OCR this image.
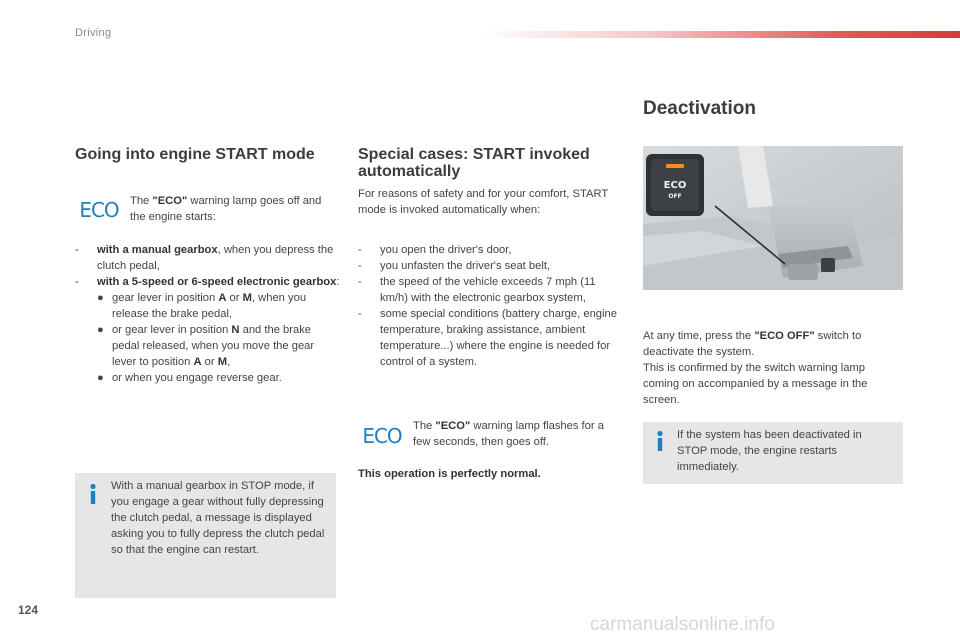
Driving
Going into engine START mode
ECO The "ECO" warning lamp goes off and the engine starts:

-	with a manual gearbox, when you depress the clutch pedal,
-	with a 5-speed or 6-speed electronic gearbox:
● gear lever in position A or M, when you release the brake pedal,
● or gear lever in position N and the brake pedal released, when you move the gear lever to position A or M,
● or when you engage reverse gear.

With a manual gearbox in STOP mode, if you engage a gear without fully depressing the clutch pedal, a message is displayed asking you to fully depress the clutch pedal so that the engine can restart.

Special cases: START invoked automatically

For reasons of safety and for your comfort, START mode is invoked automatically when:

-	you open the driver's door,
-	you unfasten the driver's seat belt,
-	the speed of the vehicle exceeds 7 mph (11 km/h) with the electronic gearbox system,
-	some special conditions (battery charge, engine temperature, braking assistance, ambient temperature...) where the engine is needed for control of a system.
ECO The "ECO" warning lamp flashes for a few seconds, then goes off.

This operation is perfectly normal.

Deactivation
ECO
OFF

At any time, press the "ECO OFF" switch to deactivate the system.

This is confirmed by the switch warning lamp coming on accompanied by a message in the screen.

If the system has been deactivated in STOP mode, the engine restarts immediately.

124
carmanualsonline.info
